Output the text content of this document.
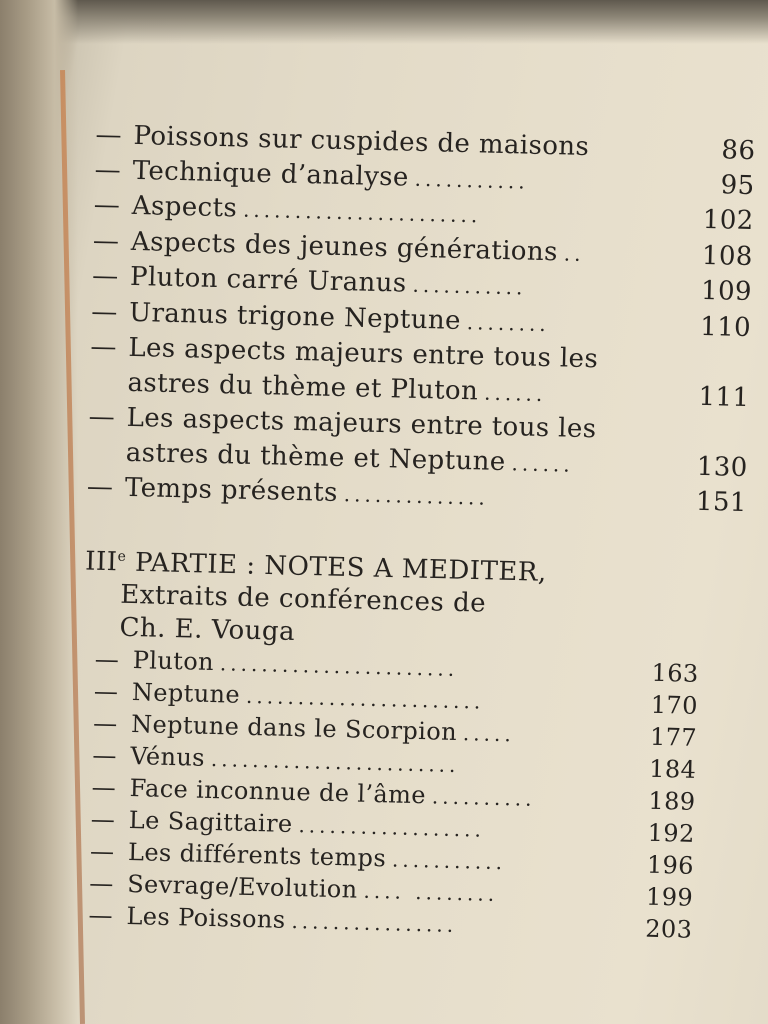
— Poissons sur cuspides de maisons	86
— Technique d’analyse ...........	95
— Aspects .......................	102
— Aspects des jeunes générations ..	108
— Pluton carré Uranus ...........	109
— Uranus trigone Neptune ........	110
— Les aspects majeurs entre tous les
astres du thème et Pluton ......	111
— Les aspects majeurs entre tous les
astres du thème et Neptune ......	130
— Temps présents ..............	151
IIIe PARTIE : NOTES A MEDITER,
Extraits de conférences de
Ch. E. Vouga
— Pluton .......................	163
— Neptune .......................	170
— Neptune dans le Scorpion .....	177
— Vénus ........................	184
— Face inconnue de l’âme ..........	189
— Le Sagittaire ..................	192
— Les différents temps ...........	196
— Sevrage/Evolution .... ........	199
— Les Poissons ................	203
